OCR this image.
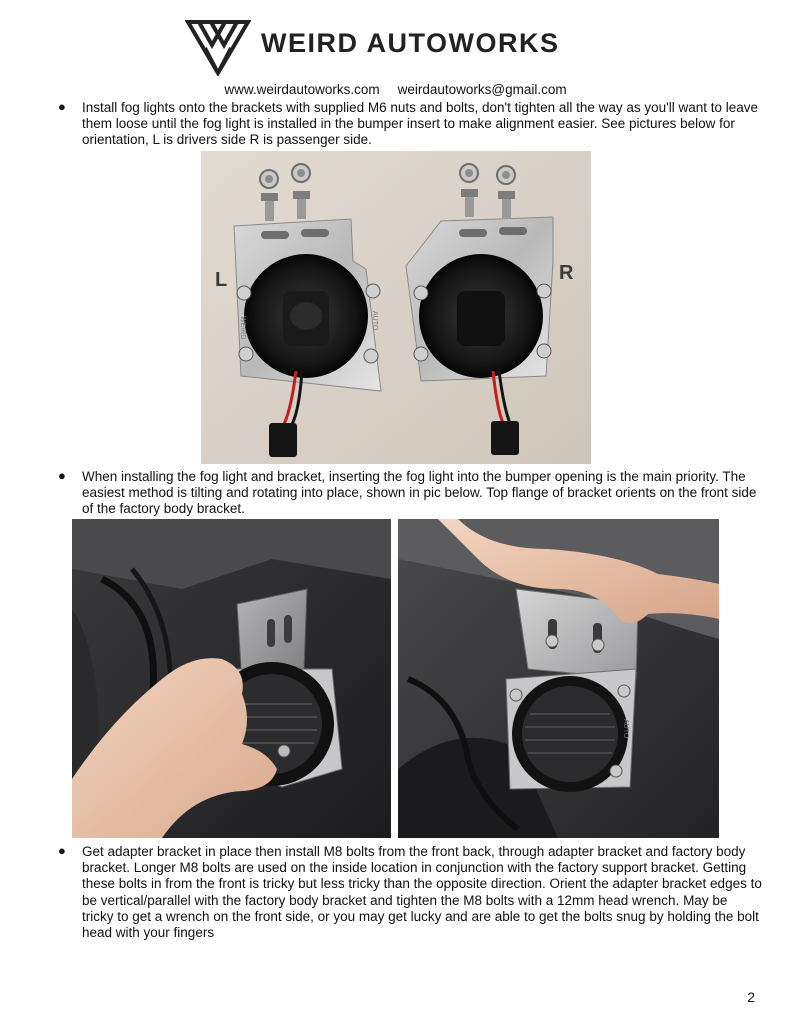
WEIRD AUTOWORKS
www.weirdautoworks.com weirdautoworks@gmail.com
● Install fog lights onto the brackets with supplied M6 nuts and bolts, don't tighten all the way as you'll want to leave them loose until the fog light is installed in the bumper insert to make alignment easier. See pictures below for orientation, L is drivers side R is passenger side.
L	R
WEIRD	AUTO
● When installing the fog light and bracket, inserting the fog light into the bumper opening is the main priority. The easiest method is tilting and rotating into place, shown in pic below. Top flange of bracket orients on the front side of the factory body bracket.
AUTO
● Get adapter bracket in place then install M8 bolts from the front back, through adapter bracket and factory body bracket. Longer M8 bolts are used on the inside location in conjunction with the factory support bracket. Getting these bolts in from the front is tricky but less tricky than the opposite direction. Orient the adapter bracket edges to be vertical/parallel with the factory body bracket and tighten the M8 bolts with a 12mm head wrench. May be tricky to get a wrench on the front side, or you may get lucky and are able to get the bolts snug by holding the bolt head with your fingers
2
